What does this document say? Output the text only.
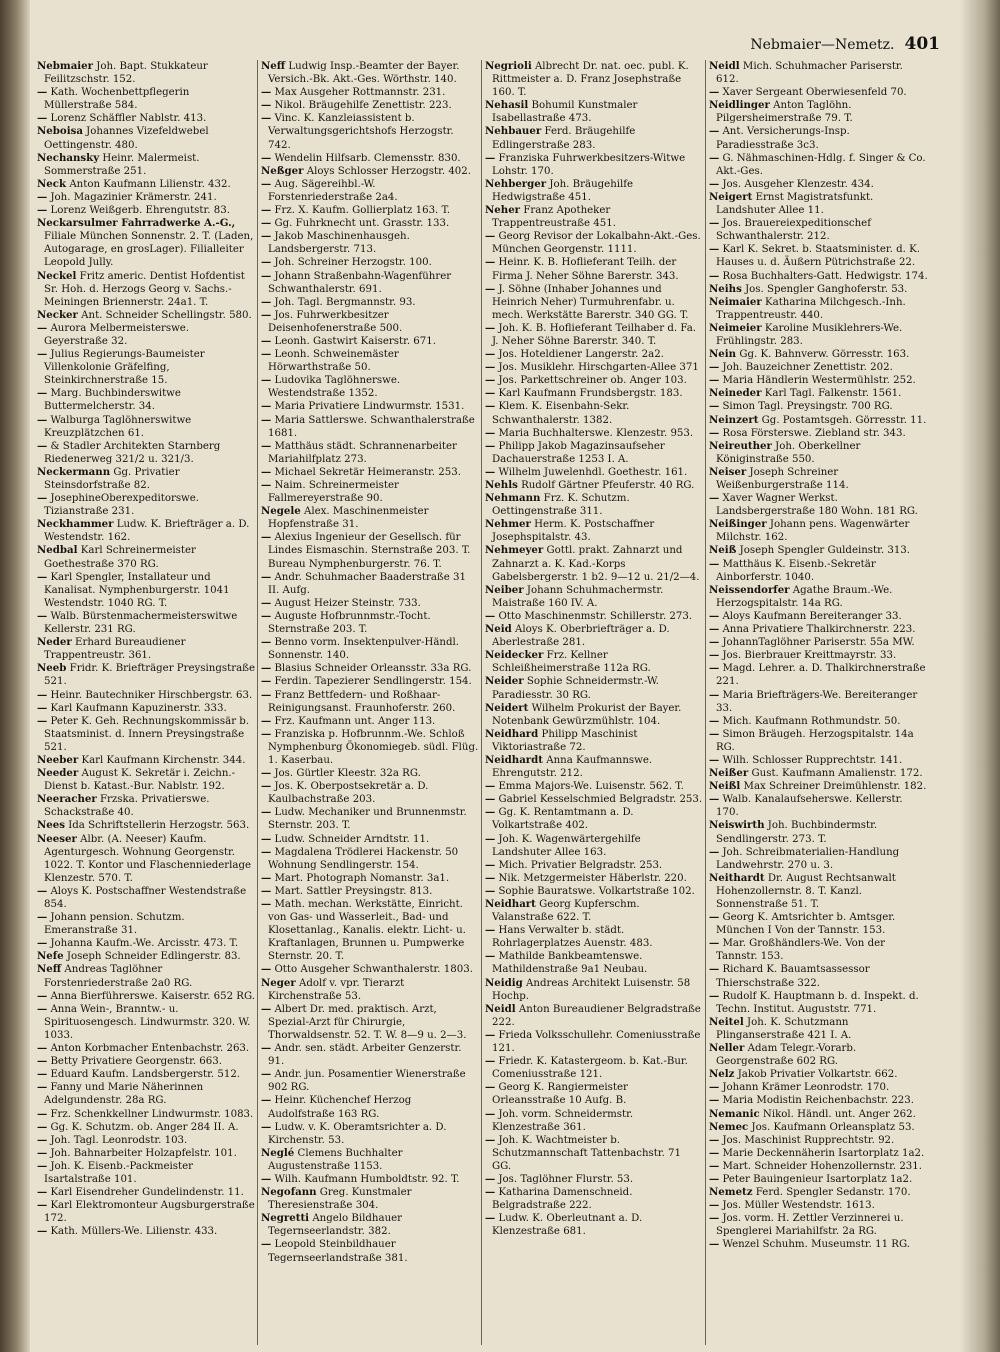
Nebmaier—Nemetz. 401

Nebmaier Joh. Bapt. Stukkateur Feilitzschstr. 152.

— Kath. Wochenbettpflegerin Müllerstraße 584.

— Lorenz Schäffler Nablstr. 413.

Neboisa Johannes Vizefeldwebel Oettingenstr. 480.

Nechansky Heinr. Malermeist. Sommerstraße 251.

Neck Anton Kaufmann Lilienstr. 432.

— Joh. Magazinier Krämerstr. 241.

— Lorenz Weißgerb. Ehrengutstr. 83.

Neckarsulmer Fahrradwerke A.-G., Filiale München Sonnenstr. 2. T. (Laden, Autogarage, en grosLager). Filialleiter Leopold Jully.

Neckel Fritz americ. Dentist Hofdentist Sr. Hoh. d. Herzogs Georg v. Sachs.-Meiningen Briennerstr. 24a1. T.

Necker Ant. Schneider Schellingstr. 580.

— Aurora Melbermeisterswe. Geyerstraße 32.

— Julius Regierungs-Baumeister Villenkolonie Gräfelfing, Steinkirchnerstraße 15.

— Marg. Buchbinderswitwe Buttermelcherstr. 34.

— Walburga Taglöhnerswitwe Kreuzplätzchen 61.

— & Stadler Architekten Starnberg Riedenerweg 321/2 u. 321/3.

Neckermann Gg. Privatier Steinsdorfstraße 82.

— JosephineOberexpeditorswe. Tizianstraße 231.

Neckhammer Ludw. K. Briefträger a. D. Westendstr. 162.

Nedbal Karl Schreinermeister Goethestraße 370 RG.

— Karl Spengler, Installateur und Kanalisat. Nymphenburgerstr. 1041 Westendstr. 1040 RG. T.

— Walb. Bürstenmachermeisterswitwe Kellerstr. 231 RG.

Neder Erhard Bureaudiener Trappentreustr. 361.

Neeb Fridr. K. Briefträger Preysingstraße 521.

— Heinr. Bautechniker Hirschbergstr. 63.

— Karl Kaufmann Kapuzinerstr. 333.

— Peter K. Geh. Rechnungskommissär b. Staatsminist. d. Innern Preysingstraße 521.

Neeber Karl Kaufmann Kirchenstr. 344.

Needer August K. Sekretär i. Zeichn.-Dienst b. Katast.-Bur. Nablstr. 192.

Neeracher Frzska. Privatierswe. Schackstraße 40.

Nees Ida Schriftstellerin Herzogstr. 563.

Neeser Albr. (A. Neeser) Kaufm. Agenturgesch. Wohnung Georgenstr. 1022. T. Kontor und Flaschenniederlage Klenzestr. 570. T.

— Aloys K. Postschaffner Westendstraße 854.

— Johann pension. Schutzm. Emeranstraße 31.

— Johanna Kaufm.-We. Arcisstr. 473. T.

Nefe Joseph Schneider Edlingerstr. 83.

Neff Andreas Taglöhner Forstenriederstraße 2a0 RG.

— Anna Bierführerswe. Kaiserstr. 652 RG.

— Anna Wein-, Branntw.- u. Spirituosengesch. Lindwurmstr. 320. W. 1033.

— Anton Korbmacher Entenbachstr. 263.

— Betty Privatiere Georgenstr. 663.

— Eduard Kaufm. Landsbergerstr. 512.

— Fanny und Marie Näherinnen Adelgundenstr. 28a RG.

— Frz. Schenkkellner Lindwurmstr. 1083.

— Gg. K. Schutzm. ob. Anger 284 II. A.

— Joh. Tagl. Leonrodstr. 103.

— Joh. Bahnarbeiter Holzapfelstr. 101.

— Joh. K. Eisenb.-Packmeister Isartalstraße 101.

— Karl Eisendreher Gundelindenstr. 11.

— Karl Elektromonteur Augsburgerstraße 172.

— Kath. Müllers-We. Lilienstr. 433.

Neff Ludwig Insp.-Beamter der Bayer. Versich.-Bk. Akt.-Ges. Wörthstr. 140.

— Max Ausgeher Rottmannstr. 231.

— Nikol. Bräugehilfe Zenettistr. 223.

— Vinc. K. Kanzleiassistent b. Verwaltungsgerichtshofs Herzogstr. 742.

— Wendelin Hilfsarb. Clemensstr. 830.

Neßger Aloys Schlosser Herzogstr. 402.

— Aug. Sägereihbl.-W. Forstenriederstraße 2a4.

— Frz. X. Kaufm. Gollierplatz 163. T.

— Gg. Fuhrknecht unt. Grasstr. 133.

— Jakob Maschinenhausgeh. Landsbergerstr. 713.

— Joh. Schreiner Herzogstr. 100.

— Johann Straßenbahn-Wagenführer Schwanthalerstr. 691.

— Joh. Tagl. Bergmannstr. 93.

— Jos. Fuhrwerkbesitzer Deisenhofenerstraße 500.

— Leonh. Gastwirt Kaiserstr. 671.

— Leonh. Schweinemäster Hörwarthstraße 50.

— Ludovika Taglöhnerswe. Westendstraße 1352.

— Maria Privatiere Lindwurmstr. 1531.

— Maria Sattlerswe. Schwanthalerstraße 1681.

— Matthäus städt. Schrannenarbeiter Mariahilfplatz 273.

— Michael Sekretär Heimeranstr. 253.

— Naim. Schreinermeister Fallmereyerstraße 90.

Negele Alex. Maschinenmeister Hopfenstraße 31.

— Alexius Ingenieur der Gesellsch. für Lindes Eismaschin. Sternstraße 203. T. Bureau Nymphenburgerstr. 76. T.

— Andr. Schuhmacher Baaderstraße 31 II. Aufg.

— August Heizer Steinstr. 733.

— Auguste Hofbrunnmstr.-Tocht. Sternstraße 203. T.

— Benno vorm. Insektenpulver-Händl. Sonnenstr. 140.

— Blasius Schneider Orleansstr. 33a RG.

— Ferdin. Tapezierer Sendlingerstr. 154.

— Franz Bettfedern- und Roßhaar-Reinigungsanst. Fraunhoferstr. 260.

— Frz. Kaufmann unt. Anger 113.

— Franziska p. Hofbrunnm.-We. Schloß Nymphenburg Ökonomiegeb. südl. Flüg. 1. Kaserbau.

— Jos. Gürtler Kleestr. 32a RG.

— Jos. K. Oberpostsekretär a. D. Kaulbachstraße 203.

— Ludw. Mechaniker und Brunnenmstr. Sternstr. 203. T.

— Ludw. Schneider Arndtstr. 11.

— Magdalena Trödlerei Hackenstr. 50 Wohnung Sendlingerstr. 154.

— Mart. Photograph Nomanstr. 3a1.

— Mart. Sattler Preysingstr. 813.

— Math. mechan. Werkstätte, Einricht. von Gas- und Wasserleit., Bad- und Klosettanlag., Kanalis. elektr. Licht- u. Kraftanlagen, Brunnen u. Pumpwerke Sternstr. 20. T.

— Otto Ausgeher Schwanthalerstr. 1803.

Neger Adolf v. vpr. Tierarzt Kirchenstraße 53.

— Albert Dr. med. praktisch. Arzt, Spezial-Arzt für Chirurgie, Thorwaldsenstr. 52. T. W. 8—9 u. 2—3.

— Andr. sen. städt. Arbeiter Genzerstr. 91.

— Andr. jun. Posamentier Wienerstraße 902 RG.

— Heinr. Küchenchef Herzog Audolfstraße 163 RG.

— Ludw. v. K. Oberamtsrichter a. D. Kirchenstr. 53.

Neglé Clemens Buchhalter Augustenstraße 1153.

— Wilh. Kaufmann Humboldtstr. 92. T.

Negofann Greg. Kunstmaler Theresienstraße 304.

Negretti Angelo Bildhauer Tegernseerlandstr. 382.

— Leopold Steinbildhauer Tegernseerlandstraße 381.

Negrioli Albrecht Dr. nat. oec. publ. K. Rittmeister a. D. Franz Josephstraße 160. T.

Nehasil Bohumil Kunstmaler Isabellastraße 473.

Nehbauer Ferd. Bräugehilfe Edlingerstraße 283.

— Franziska Fuhrwerkbesitzers-Witwe Lohstr. 170.

Nehberger Joh. Bräugehilfe Hedwigstraße 451.

Neher Franz Apotheker Trappentreustraße 451.

— Georg Revisor der Lokalbahn-Akt.-Ges. München Georgenstr. 1111.

— Heinr. K. B. Hoflieferant Teilh. der Firma J. Neher Söhne Barerstr. 343.

— J. Söhne (Inhaber Johannes und Heinrich Neher) Turmuhrenfabr. u. mech. Werkstätte Barerstr. 340 GG. T.

— Joh. K. B. Hoflieferant Teilhaber d. Fa. J. Neher Söhne Barerstr. 340. T.

— Jos. Hoteldiener Langerstr. 2a2.

— Jos. Musiklehr. Hirschgarten-Allee 371

— Jos. Parkettschreiner ob. Anger 103.

— Karl Kaufmann Frundsbergstr. 183.

— Klem. K. Eisenbahn-Sekr. Schwanthalerstr. 1382.

— Maria Buchhalterswe. Klenzestr. 953.

— Philipp Jakob Magazinsaufseher Dachauerstraße 1253 I. A.

— Wilhelm Juwelenhdl. Goethestr. 161.

Nehls Rudolf Gärtner Pfeuferstr. 40 RG.

Nehmann Frz. K. Schutzm. Oettingenstraße 311.

Nehmer Herm. K. Postschaffner Josephspitalstr. 43.

Nehmeyer Gottl. prakt. Zahnarzt und Zahnarzt a. K. Kad.-Korps Gabelsbergerstr. 1 b2. 9—12 u. 21/2—4.

Neiber Johann Schuhmachermstr. Maistraße 160 IV. A.

— Otto Maschinenmstr. Schillerstr. 273.

Neid Aloys K. Oberbriefträger a. D. Aberlestraße 281.

Neidecker Frz. Kellner Schleißheimerstraße 112a RG.

Neider Sophie Schneidermstr.-W. Paradiesstr. 30 RG.

Neidert Wilhelm Prokurist der Bayer. Notenbank Gewürzmühlstr. 104.

Neidhard Philipp Maschinist Viktoriastraße 72.

Neidhardt Anna Kaufmannswe. Ehrengutstr. 212.

— Emma Majors-We. Luisenstr. 562. T.

— Gabriel Kesselschmied Belgradstr. 253.

— Gg. K. Rentamtmann a. D. Volkartstraße 402.

— Joh. K. Wagenwärtergehilfe Landshuter Allee 163.

— Mich. Privatier Belgradstr. 253.

— Nik. Metzgermeister Häberlstr. 220.

— Sophie Bauratswe. Volkartstraße 102.

Neidhart Georg Kupferschm. Valanstraße 622. T.

— Hans Verwalter b. städt. Rohrlagerplatzes Auenstr. 483.

— Mathilde Bankbeamtenswe. Mathildenstraße 9a1 Neubau.

Neidig Andreas Architekt Luisenstr. 58 Hochp.

Neidl Anton Bureaudiener Belgradstraße 222.

— Frieda Volksschullehr. Comeniusstraße 121.

— Friedr. K. Katastergeom. b. Kat.-Bur. Comeniusstraße 121.

— Georg K. Rangiermeister Orleansstraße 10 Aufg. B.

— Joh. vorm. Schneidermstr. Klenzestraße 361.

— Joh. K. Wachtmeister b. Schutzmannschaft Tattenbachstr. 71 GG.

— Jos. Taglöhner Flurstr. 53.

— Katharina Damenschneid. Belgradstraße 222.

— Ludw. K. Oberleutnant a. D. Klenzestraße 681.

Neidl Mich. Schuhmacher Pariserstr. 612.

— Xaver Sergeant Oberwiesenfeld 70.

Neidlinger Anton Taglöhn. Pilgersheimerstraße 79. T.

— Ant. Versicherungs-Insp. Paradiesstraße 3c3.

— G. Nähmaschinen-Hdlg. f. Singer & Co. Akt.-Ges.

— Jos. Ausgeher Klenzestr. 434.

Neigert Ernst Magistratsfunkt. Landshuter Allee 11.

— Jos. Brauereiexpeditionschef Schwanthalerstr. 212.

— Karl K. Sekret. b. Staatsminister. d. K. Hauses u. d. Äußern Pütrichstraße 22.

— Rosa Buchhalters-Gatt. Hedwigstr. 174.

Neihs Jos. Spengler Ganghoferstr. 53.

Neimaier Katharina Milchgesch.-Inh. Trappentreustr. 440.

Neimeier Karoline Musiklehrers-We. Frühlingstr. 283.

Nein Gg. K. Bahnverw. Görresstr. 163.

— Joh. Bauzeichner Zenettistr. 202.

— Maria Händlerin Westermühlstr. 252.

Neineder Karl Tagl. Falkenstr. 1561.

— Simon Tagl. Preysingstr. 700 RG.

Neinzert Gg. Postamtsgeh. Görresstr. 11.

— Rosa Försterswe. Ziebland str. 343.

Neireuther Joh. Oberkellner Königinstraße 550.

Neiser Joseph Schreiner Weißenburgerstraße 114.

— Xaver Wagner Werkst. Landsbergerstraße 180 Wohn. 181 RG.

Neißinger Johann pens. Wagenwärter Milchstr. 162.

Neiß Joseph Spengler Guldeinstr. 313.

— Matthäus K. Eisenb.-Sekretär Ainborferstr. 1040.

Neissendorfer Agathe Braum.-We. Herzogspitalstr. 14a RG.

— Aloys Kaufmann Bereiteranger 33.

— Anna Privatiere Thalkirchnerstr. 223.

— JohannTaglöhner Pariserstr. 55a MW.

— Jos. Bierbrauer Kreittmayrstr. 33.

— Magd. Lehrer. a. D. Thalkirchnerstraße 221.

— Maria Briefträgers-We. Bereiteranger 33.

— Mich. Kaufmann Rothmundstr. 50.

— Simon Bräugeh. Herzogspitalstr. 14a RG.

— Wilh. Schlosser Rupprechtstr. 141.

Neißer Gust. Kaufmann Amalienstr. 172.

Neißl Max Schreiner Dreimühlenstr. 182.

— Walb. Kanalaufseherswe. Kellerstr. 170.

Neiswirth Joh. Buchbindermstr. Sendlingerstr. 273. T.

— Joh. Schreibmaterialien-Handlung Landwehrstr. 270 u. 3.

Neithardt Dr. August Rechtsanwalt Hohenzollernstr. 8. T. Kanzl. Sonnenstraße 51. T.

— Georg K. Amtsrichter b. Amtsger. München I Von der Tannstr. 153.

— Mar. Großhändlers-We. Von der Tannstr. 153.

— Richard K. Bauamtsassessor Thierschstraße 322.

— Rudolf K. Hauptmann b. d. Inspekt. d. Techn. Institut. Auguststr. 771.

Neitel Joh. K. Schutzmann Plinganserstraße 421 I. A.

Neller Adam Telegr.-Vorarb. Georgenstraße 602 RG.

Nelz Jakob Privatier Volkartstr. 662.

— Johann Krämer Leonrodstr. 170.

— Maria Modistin Reichenbachstr. 223.

Nemanic Nikol. Händl. unt. Anger 262.

Nemec Jos. Kaufmann Orleansplatz 53.

— Jos. Maschinist Rupprechtstr. 92.

— Marie Deckennäherin Isartorplatz 1a2.

— Mart. Schneider Hohenzollernstr. 231.

— Peter Bauingenieur Isartorplatz 1a2.

Nemetz Ferd. Spengler Sedanstr. 170.

— Jos. Müller Westendstr. 1613.

— Jos. vorm. H. Zettler Verzinnerei u. Spenglerei Mariahilfstr. 2a RG.

— Wenzel Schuhm. Museumstr. 11 RG.
